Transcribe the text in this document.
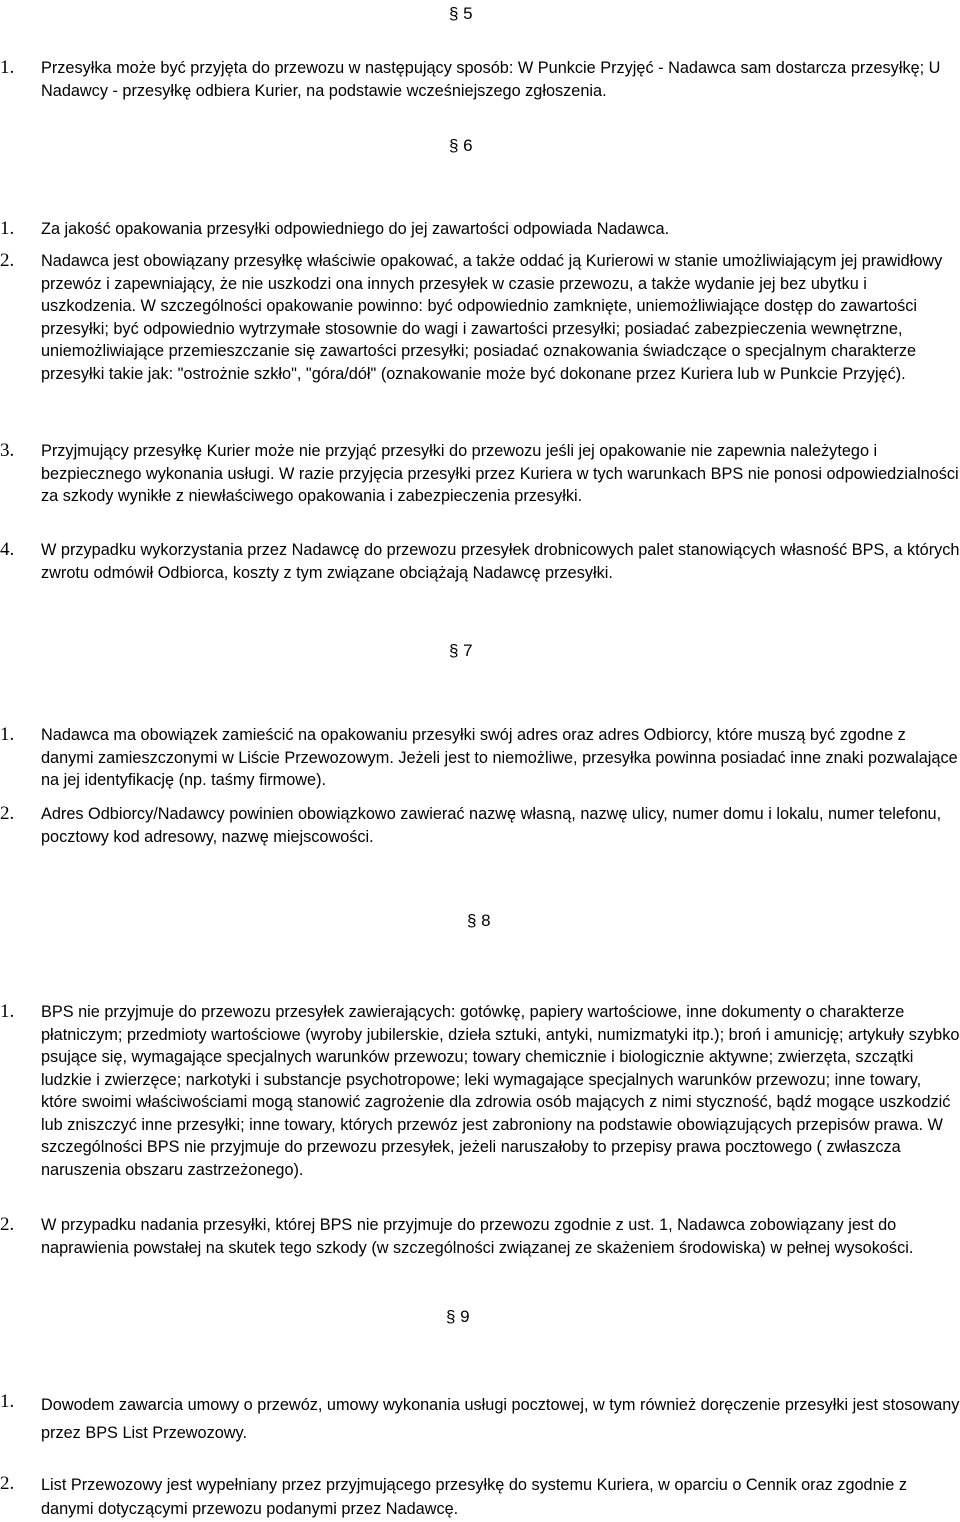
§ 5
1. Przesyłka może być przyjęta do przewozu w następujący sposób: W Punkcie Przyjęć - Nadawca sam dostarcza przesyłkę; U Nadawcy - przesyłkę odbiera Kurier, na podstawie wcześniejszego zgłoszenia.
§ 6
1. Za jakość opakowania przesyłki odpowiedniego do jej zawartości odpowiada Nadawca.
2. Nadawca jest obowiązany przesyłkę właściwie opakować, a także oddać ją Kurierowi w stanie umożliwiającym jej prawidłowy przewóz i zapewniający, że nie uszkodzi ona innych przesyłek w czasie przewozu, a także wydanie jej bez ubytku i uszkodzenia. W szczególności opakowanie powinno: być odpowiednio zamknięte, uniemożliwiające dostęp do zawartości przesyłki; być odpowiednio wytrzymałe stosownie do wagi i zawartości przesyłki; posiadać zabezpieczenia wewnętrzne, uniemożliwiające przemieszczanie się zawartości przesyłki; posiadać oznakowania świadczące o specjalnym charakterze przesyłki takie jak: "ostrożnie szkło", "góra/dół" (oznakowanie może być dokonane przez Kuriera lub w Punkcie Przyjęć).
3. Przyjmujący przesyłkę Kurier może nie przyjąć przesyłki do przewozu jeśli jej opakowanie nie zapewnia należytego i bezpiecznego wykonania usługi. W razie przyjęcia przesyłki przez Kuriera w tych warunkach BPS nie ponosi odpowiedzialności za szkody wynikłe z niewłaściwego opakowania i zabezpieczenia przesyłki.
4. W przypadku wykorzystania przez Nadawcę do przewozu przesyłek drobnicowych palet stanowiących własność BPS, a których zwrotu odmówił Odbiorca, koszty z tym związane obciążają Nadawcę przesyłki.
§ 7
1. Nadawca ma obowiązek zamieścić na opakowaniu przesyłki swój adres oraz adres Odbiorcy, które muszą być zgodne z danymi zamieszczonymi w Liście Przewozowym. Jeżeli jest to niemożliwe, przesyłka powinna posiadać inne znaki pozwalające na jej identyfikację (np. taśmy firmowe).
2. Adres Odbiorcy/Nadawcy powinien obowiązkowo zawierać nazwę własną, nazwę ulicy, numer domu i lokalu, numer telefonu, pocztowy kod adresowy, nazwę miejscowości.
§ 8
1. BPS nie przyjmuje do przewozu przesyłek zawierających: gotówkę, papiery wartościowe, inne dokumenty o charakterze płatniczym; przedmioty wartościowe (wyroby jubilerskie, dzieła sztuki, antyki, numizmatyki itp.); broń i amunicję; artykuły szybko psujące się, wymagające specjalnych warunków przewozu; towary chemicznie i biologicznie aktywne; zwierzęta, szczątki ludzkie i zwierzęce; narkotyki i substancje psychotropowe; leki wymagające specjalnych warunków przewozu; inne towary, które swoimi właściwościami mogą stanowić zagrożenie dla zdrowia osób mających z nimi styczność, bądź mogące uszkodzić lub zniszczyć inne przesyłki; inne towary, których przewóz jest zabroniony na podstawie obowiązujących przepisów prawa. W szczególności BPS nie przyjmuje do przewozu przesyłek, jeżeli naruszałoby to przepisy prawa pocztowego ( zwłaszcza naruszenia obszaru zastrzeżonego).
2. W przypadku nadania przesyłki, której BPS nie przyjmuje do przewozu zgodnie z ust. 1, Nadawca zobowiązany jest do naprawienia powstałej na skutek tego szkody (w szczególności związanej ze skażeniem środowiska) w pełnej wysokości.
§ 9
1. Dowodem zawarcia umowy o przewóz, umowy wykonania usługi pocztowej, w tym również doręczenie przesyłki jest stosowany przez BPS List Przewozowy.
2. List Przewozowy jest wypełniany przez przyjmującego przesyłkę do systemu Kuriera, w oparciu o Cennik oraz zgodnie z danymi dotyczącymi przewozu podanymi przez Nadawcę.
